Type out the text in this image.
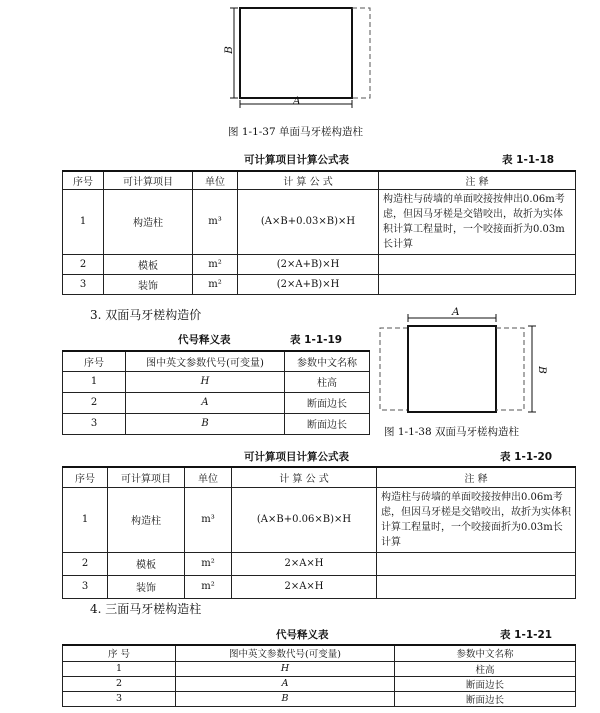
B
A
图 1-1-37 单面马牙槎构造柱
可计算项目计算公式表	表 1-1-18
序号	可计算项目	单位	计 算 公 式	注 释
1	构造柱	m³	(A×B+0.03×B)×H	构造柱与砖墙的单面咬接按伸出0.06m考虑，但因马牙槎是交错咬出，故折为实体积计算工程量时，一个咬接面折为0.03m长计算
2	模板	m²	(2×A+B)×H	
3	装饰	m²	(2×A+B)×H	
3. 双面马牙槎构造价
代号释义表	表 1-1-19
序号	图中英文参数代号(可变量)	参数中文名称
1	H	柱高
2	A	断面边长
3	B	断面边长
A
B
图 1-1-38 双面马牙槎构造柱
可计算项目计算公式表	表 1-1-20
序号	可计算项目	单位	计 算 公 式	注 释
1	构造柱	m³	(A×B+0.06×B)×H	构造柱与砖墙的单面咬接按伸出0.06m考虑，但因马牙槎是交错咬出，故折为实体积计算工程量时，一个咬接面折为0.03m长计算
2	模板	m²	2×A×H	
3	装饰	m²	2×A×H	
4. 三面马牙槎构造柱
代号释义表	表 1-1-21
序 号	图中英文参数代号(可变量)	参数中文名称
1	H	柱高
2	A	断面边长
3	B	断面边长
